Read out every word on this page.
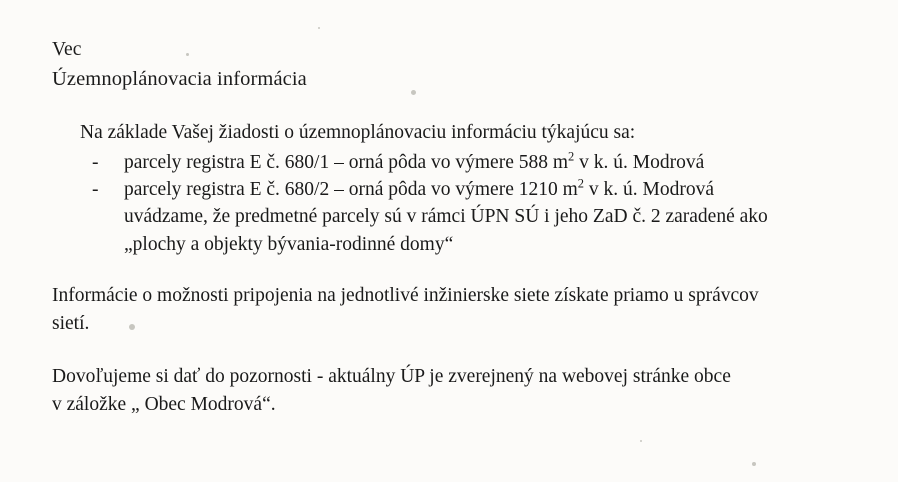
Vec
Územnoplánovacia informácia
Na základe Vašej žiadosti o územnoplánovaciu informáciu týkajúcu sa:
- parcely registra E č. 680/1 – orná pôda vo výmere 588 $m^2$ v k. ú. Modrová
- parcely registra E č. 680/2 – orná pôda vo výmere 1210 $m^2$ v k. ú. Modrová
uvádzame, že predmetné parcely sú v rámci ÚPN SÚ i jeho ZaD č. 2 zaradené ako
„plochy a objekty bývania-rodinné domy“
Informácie o možnosti pripojenia na jednotlivé inžinierske siete získate priamo u správcov
sietí.
Dovoľujeme si dať do pozornosti - aktuálny ÚP je zverejnený na webovej stránke obce
v záložke „ Obec Modrová“.
